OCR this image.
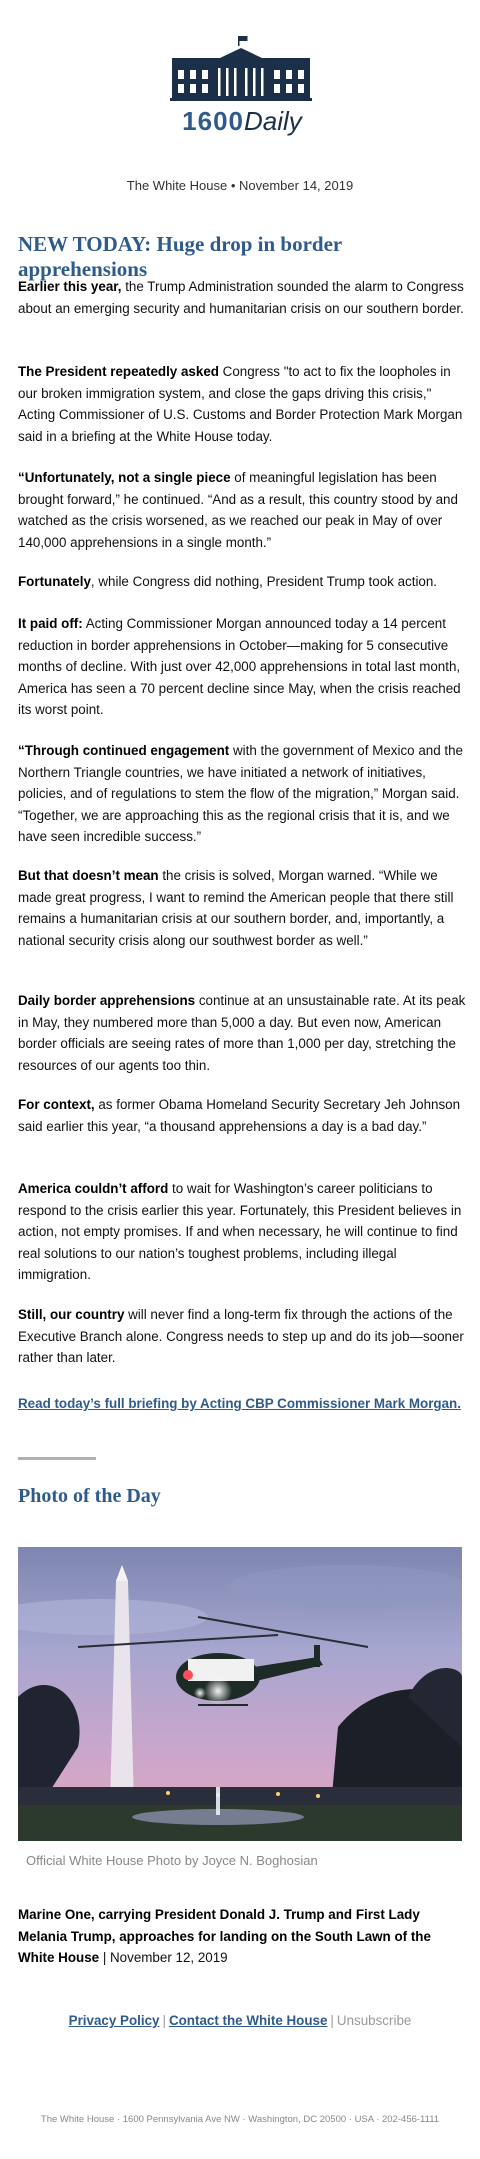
1600Daily
The White House • November 14, 2019
NEW TODAY: Huge drop in border apprehensions

Earlier this year, the Trump Administration sounded the alarm to Congress about an emerging security and humanitarian crisis on our southern border.

The President repeatedly asked Congress "to act to fix the loopholes in our broken immigration system, and close the gaps driving this crisis," Acting Commissioner of U.S. Customs and Border Protection Mark Morgan said in a briefing at the White House today.

“Unfortunately, not a single piece of meaningful legislation has been brought forward,” he continued. “And as a result, this country stood by and watched as the crisis worsened, as we reached our peak in May of over 140,000 apprehensions in a single month.”

Fortunately, while Congress did nothing, President Trump took action.

It paid off: Acting Commissioner Morgan announced today a 14 percent reduction in border apprehensions in October—making for 5 consecutive months of decline. With just over 42,000 apprehensions in total last month, America has seen a 70 percent decline since May, when the crisis reached its worst point.

“Through continued engagement with the government of Mexico and the Northern Triangle countries, we have initiated a network of initiatives, policies, and of regulations to stem the flow of the migration,” Morgan said. “Together, we are approaching this as the regional crisis that it is, and we have seen incredible success.”

But that doesn’t mean the crisis is solved, Morgan warned. “While we made great progress, I want to remind the American people that there still remains a humanitarian crisis at our southern border, and, importantly, a national security crisis along our southwest border as well.”

Daily border apprehensions continue at an unsustainable rate. At its peak in May, they numbered more than 5,000 a day. But even now, American border officials are seeing rates of more than 1,000 per day, stretching the resources of our agents too thin.

For context, as former Obama Homeland Security Secretary Jeh Johnson said earlier this year, “a thousand apprehensions a day is a bad day.”

America couldn’t afford to wait for Washington’s career politicians to respond to the crisis earlier this year. Fortunately, this President believes in action, not empty promises. If and when necessary, he will continue to find real solutions to our nation’s toughest problems, including illegal immigration.

Still, our country will never find a long-term fix through the actions of the Executive Branch alone. Congress needs to step up and do its job—sooner rather than later.

Read today’s full briefing by Acting CBP Commissioner Mark Morgan.
Photo of the Day
Official White House Photo by Joyce N. Boghosian

Marine One, carrying President Donald J. Trump and First Lady Melania Trump, approaches for landing on the South Lawn of the White House | November 12, 2019

Privacy Policy | Contact the White House | Unsubscribe
The White House · 1600 Pennsylvania Ave NW · Washington, DC 20500 · USA · 202-456-1111
